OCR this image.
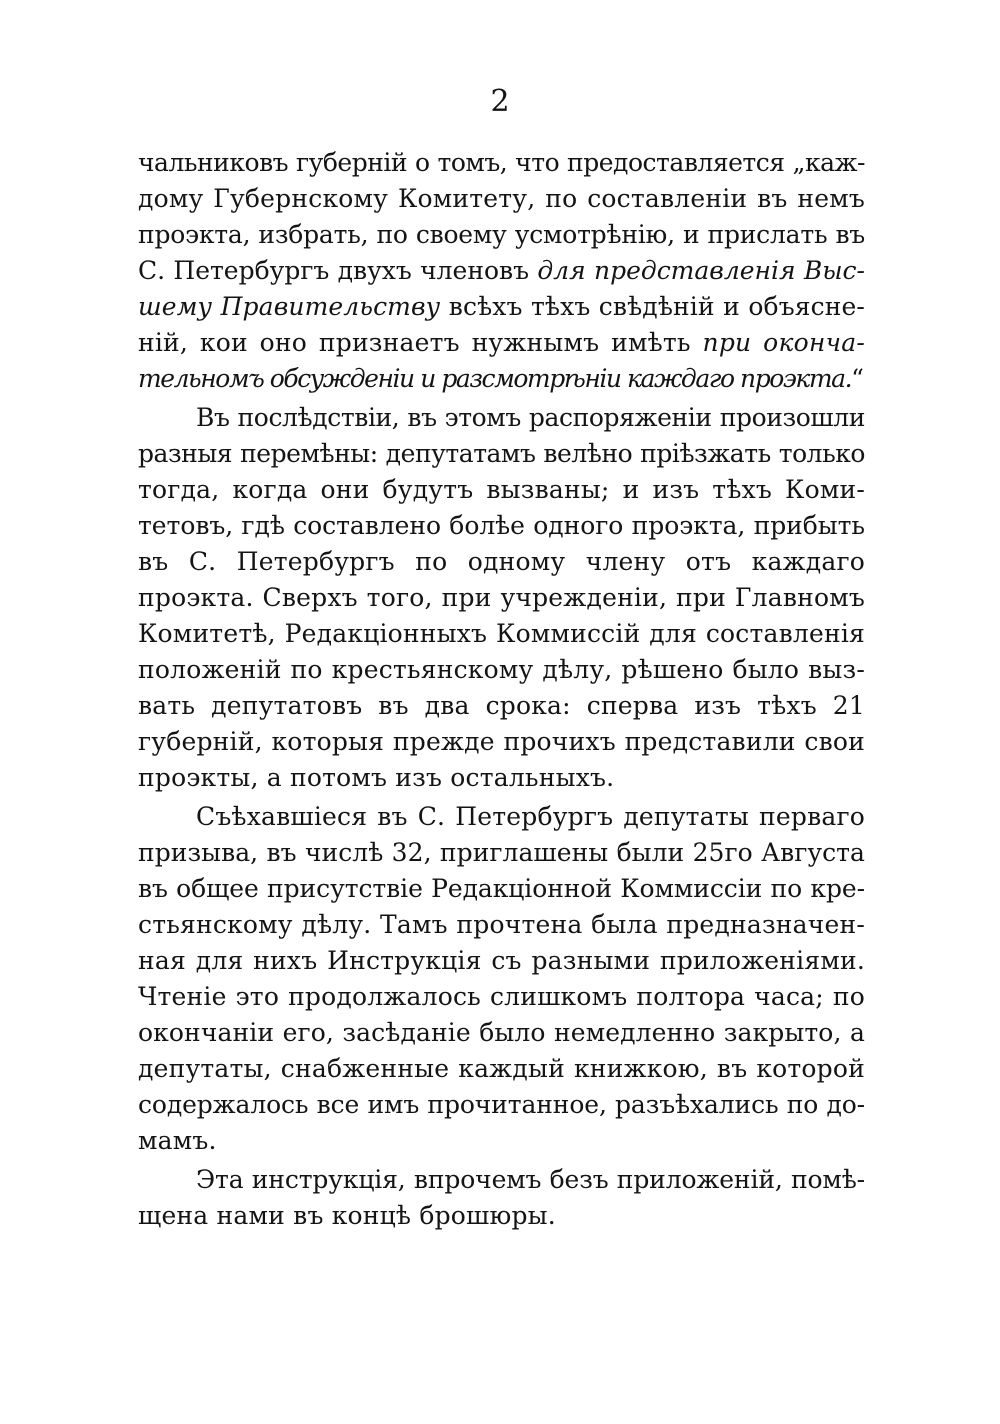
2
чальниковъ губерній о томъ, что предоставляется „каж-
дому Губернскому Комитету, по составленіи въ немъ
проэкта, избрать, по своему усмотрѣнію, и прислать въ
С. Петербургъ двухъ членовъ для представленія Выс-
шему Правительству всѣхъ тѣхъ свѣдѣній и объясне-
ній, кои оно признаетъ нужнымъ имѣть при оконча-
тельномъ обсужденіи и разсмотрѣніи каждаго проэкта.“
Въ послѣдствіи, въ этомъ распоряженіи произошли
разныя перемѣны: депутатамъ велѣно пріѣзжать только
тогда, когда они будутъ вызваны; и изъ тѣхъ Коми-
тетовъ, гдѣ составлено болѣе одного проэкта, прибыть
въ С. Петербургъ по одному члену отъ каждаго
проэкта. Сверхъ того, при учрежденіи, при Главномъ
Комитетѣ, Редакціонныхъ Коммиссій для составленія
положеній по крестьянскому дѣлу, рѣшено было выз-
вать депутатовъ въ два срока: сперва изъ тѣхъ 21
губерній, которыя прежде прочихъ представили свои
проэкты, а потомъ изъ остальныхъ.
Съѣхавшіеся въ С. Петербургъ депутаты перваго
призыва, въ числѣ 32, приглашены были 25го Августа
въ общее присутствіе Редакціонной Коммиссіи по кре-
стьянскому дѣлу. Тамъ прочтена была предназначен-
ная для нихъ Инструкція съ разными приложеніями.
Чтеніе это продолжалось слишкомъ полтора часа; по
окончаніи его, засѣданіе было немедленно закрыто, а
депутаты, снабженные каждый книжкою, въ которой
содержалось все имъ прочитанное, разъѣхались по до-
мамъ.
Эта инструкція, впрочемъ безъ приложеній, помѣ-
щена нами въ концѣ брошюры.
